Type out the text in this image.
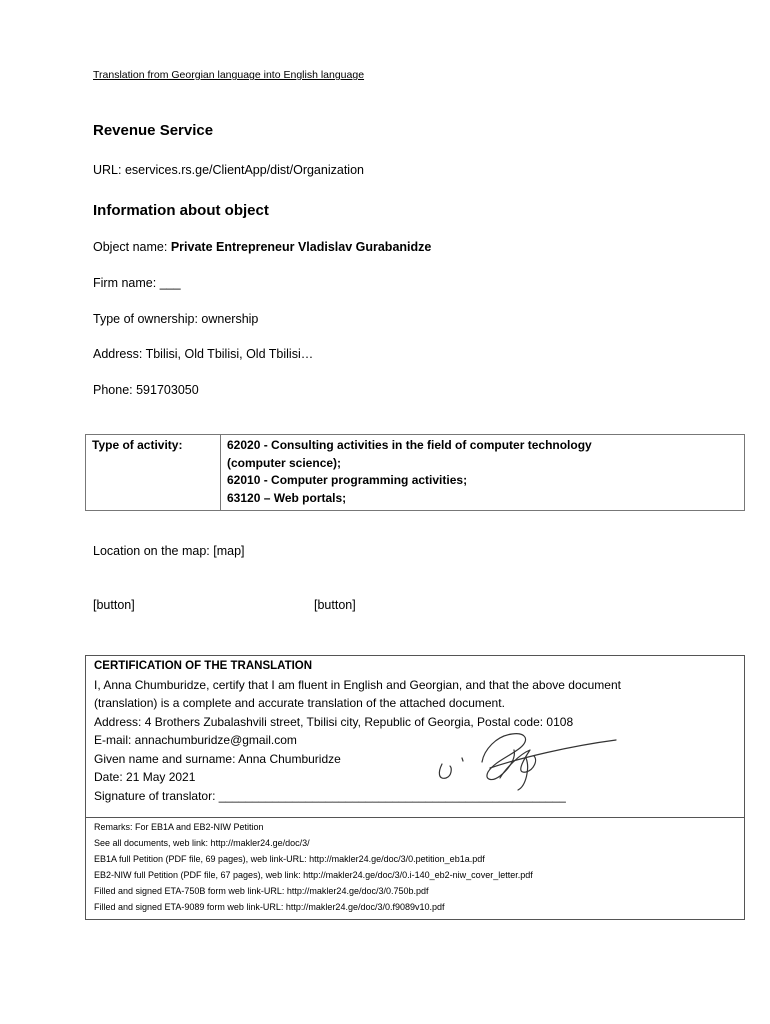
Translation from Georgian language into English language
Revenue Service
URL: eservices.rs.ge/ClientApp/dist/Organization
Information about object
Object name: Private Entrepreneur Vladislav Gurabanidze
Firm name: ___
Type of ownership: ownership
Address: Tbilisi, Old Tbilisi, Old Tbilisi…
Phone: 591703050
Type of activity:	62020 - Consulting activities in the field of computer technology
(computer science);
62010 - Computer programming activities;
63120 – Web portals;
Location on the map: [map]
[button]	[button]
CERTIFICATION OF THE TRANSLATION
I, Anna Chumburidze, certify that I am fluent in English and Georgian, and that the above document
(translation) is a complete and accurate translation of the attached document.
Address: 4 Brothers Zubalashvili street, Tbilisi city, Republic of Georgia, Postal code: 0108
E-mail: annachumburidze@gmail.com
Given name and surname: Anna Chumburidze
Date: 21 May 2021
Signature of translator: ____________________________________________________
Remarks: For EB1A and EB2-NIW Petition
See all documents, web link: http://makler24.ge/doc/3/
EB1A full Petition (PDF file, 69 pages), web link-URL: http://makler24.ge/doc/3/0.petition_eb1a.pdf
EB2-NIW full Petition (PDF file, 67 pages), web link: http://makler24.ge/doc/3/0.i-140_eb2-niw_cover_letter.pdf
Filled and signed ETA-750B form web link-URL: http://makler24.ge/doc/3/0.750b.pdf
Filled and signed ETA-9089 form web link-URL: http://makler24.ge/doc/3/0.f9089v10.pdf
